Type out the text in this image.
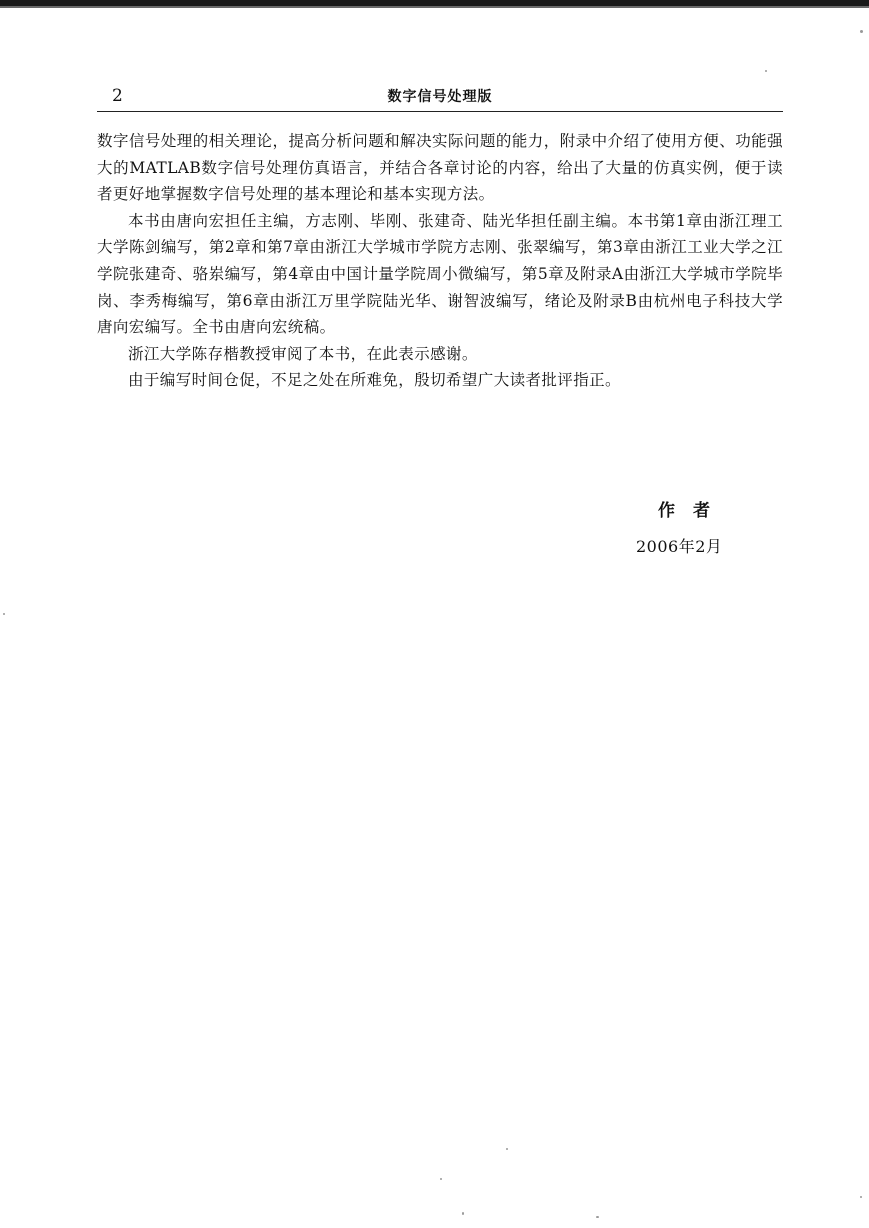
2	数字信号处理版

数字信号处理的相关理论，提高分析问题和解决实际问题的能力，附录中介绍了使用方便、功能强大的MATLAB数字信号处理仿真语言，并结合各章讨论的内容，给出了大量的仿真实例，便于读者更好地掌握数字信号处理的基本理论和基本实现方法。

本书由唐向宏担任主编，方志刚、毕刚、张建奇、陆光华担任副主编。本书第1章由浙江理工大学陈剑编写，第2章和第7章由浙江大学城市学院方志刚、张翠编写，第3章由浙江工业大学之江学院张建奇、骆岽编写，第4章由中国计量学院周小微编写，第5章及附录A由浙江大学城市学院毕岗、李秀梅编写，第6章由浙江万里学院陆光华、谢智波编写，绪论及附录B由杭州电子科技大学唐向宏编写。全书由唐向宏统稿。

浙江大学陈存楷教授审阅了本书，在此表示感谢。

由于编写时间仓促，不足之处在所难免，殷切希望广大读者批评指正。

作者
2006年2月
